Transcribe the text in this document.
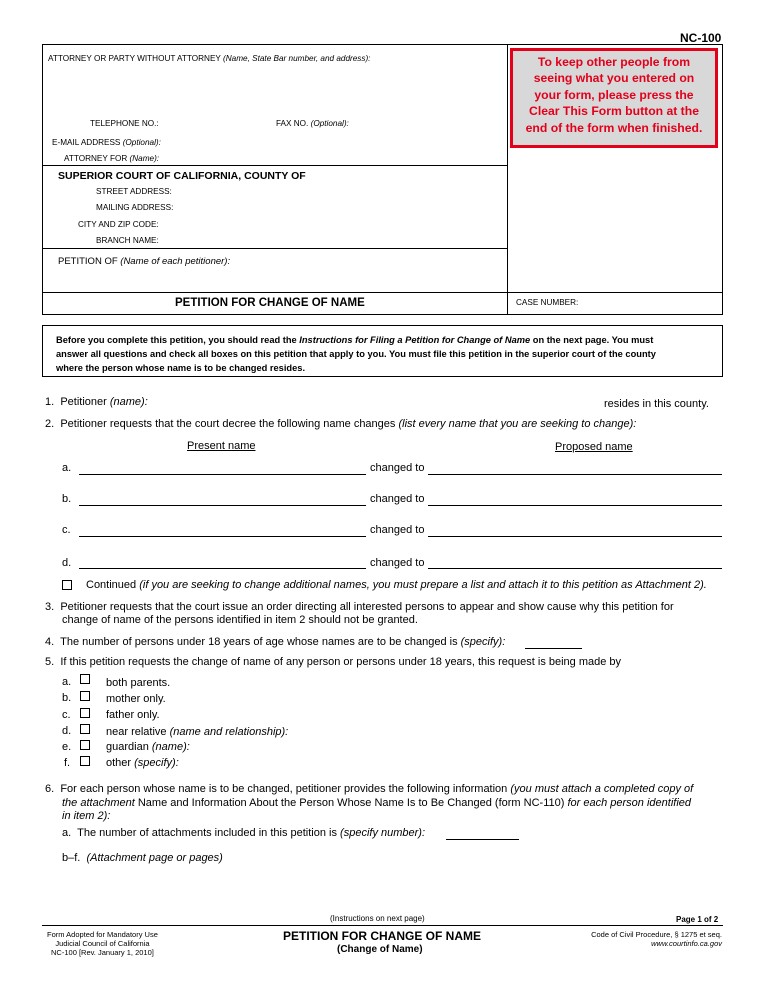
NC-100
ATTORNEY OR PARTY WITHOUT ATTORNEY (Name, State Bar number, and address):
TELEPHONE NO.:	FAX NO. (Optional):
E-MAIL ADDRESS (Optional):
ATTORNEY FOR (Name):
SUPERIOR COURT OF CALIFORNIA, COUNTY OF
STREET ADDRESS:
MAILING ADDRESS:
CITY AND ZIP CODE:
BRANCH NAME:
PETITION OF (Name of each petitioner):
PETITION FOR CHANGE OF NAME	CASE NUMBER:
To keep other people from
seeing what you entered on
your form, please press the
Clear This Form button at the
end of the form when finished.
Before you complete this petition, you should read the Instructions for Filing a Petition for Change of Name on the next page. You must
answer all questions and check all boxes on this petition that apply to you. You must file this petition in the superior court of the county
where the person whose name is to be changed resides.
1. Petitioner (name):	resides in this county.
2. Petitioner requests that the court decree the following name changes (list every name that you are seeking to change):
Present name	Proposed name
a.	changed to
b.	changed to
c.	changed to
d.	changed to
Continued (if you are seeking to change additional names, you must prepare a list and attach it to this petition as Attachment 2).
3. Petitioner requests that the court issue an order directing all interested persons to appear and show cause why this petition for
change of name of the persons identified in item 2 should not be granted.
4. The number of persons under 18 years of age whose names are to be changed is (specify):
5. If this petition requests the change of name of any person or persons under 18 years, this request is being made by
a.	both parents.
b.	mother only.
c.	father only.
d.	near relative (name and relationship):
e.	guardian (name):
f.	other (specify):
6. For each person whose name is to be changed, petitioner provides the following information (you must attach a completed copy of
the attachment Name and Information About the Person Whose Name Is to Be Changed (form NC-110) for each person identified
in item 2):
a. The number of attachments included in this petition is (specify number):
b–f. (Attachment page or pages)
(Instructions on next page)	Page 1 of 2
Form Adopted for Mandatory Use
Judicial Council of California
NC-100 [Rev. January 1, 2010]
PETITION FOR CHANGE OF NAME
(Change of Name)
Code of Civil Procedure, § 1275 et seq.
www.courtinfo.ca.gov
